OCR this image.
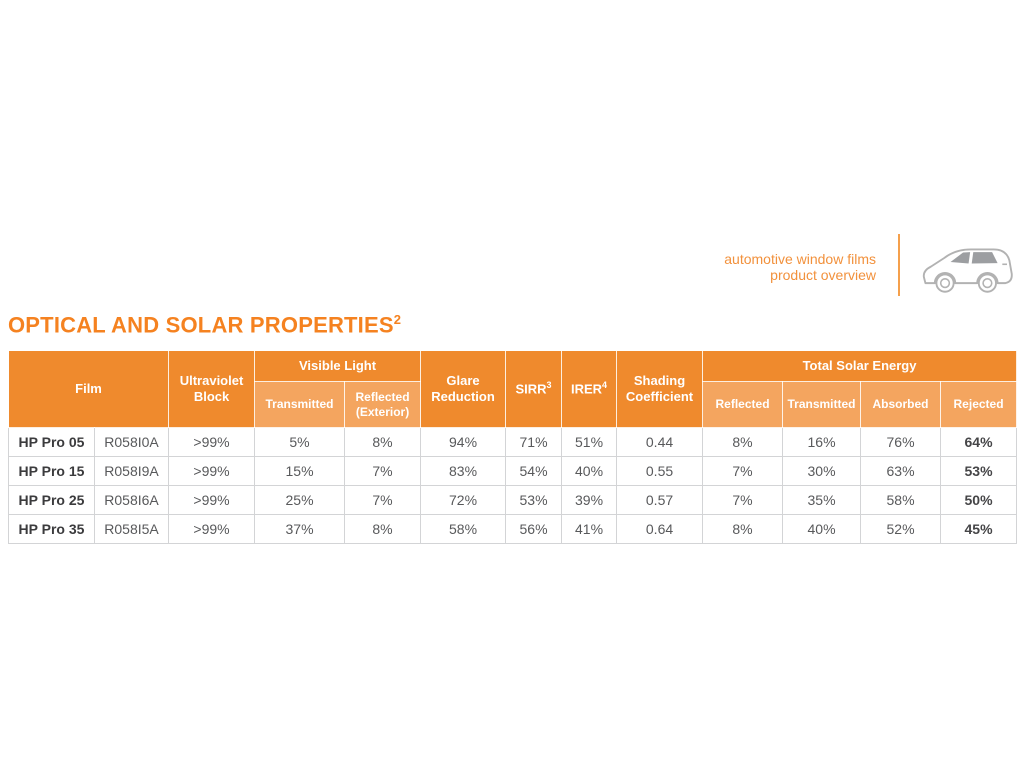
automotive window films
product overview
OPTICAL AND SOLAR PROPERTIES$^2$
Film		Ultraviolet Block	Visible Light		Glare Reduction	SIRR$^3$	IRER$^4$	Shading Coefficient	Total Solar Energy			
			Transmitted	Reflected (Exterior)					Reflected	Transmitted	Absorbed	Rejected
HP Pro 05	R058I0A	>99%	5%	8%	94%	71%	51%	0.44	8%	16%	76%	64%
HP Pro 15	R058I9A	>99%	15%	7%	83%	54%	40%	0.55	7%	30%	63%	53%
HP Pro 25	R058I6A	>99%	25%	7%	72%	53%	39%	0.57	7%	35%	58%	50%
HP Pro 35	R058I5A	>99%	37%	8%	58%	56%	41%	0.64	8%	40%	52%	45%
